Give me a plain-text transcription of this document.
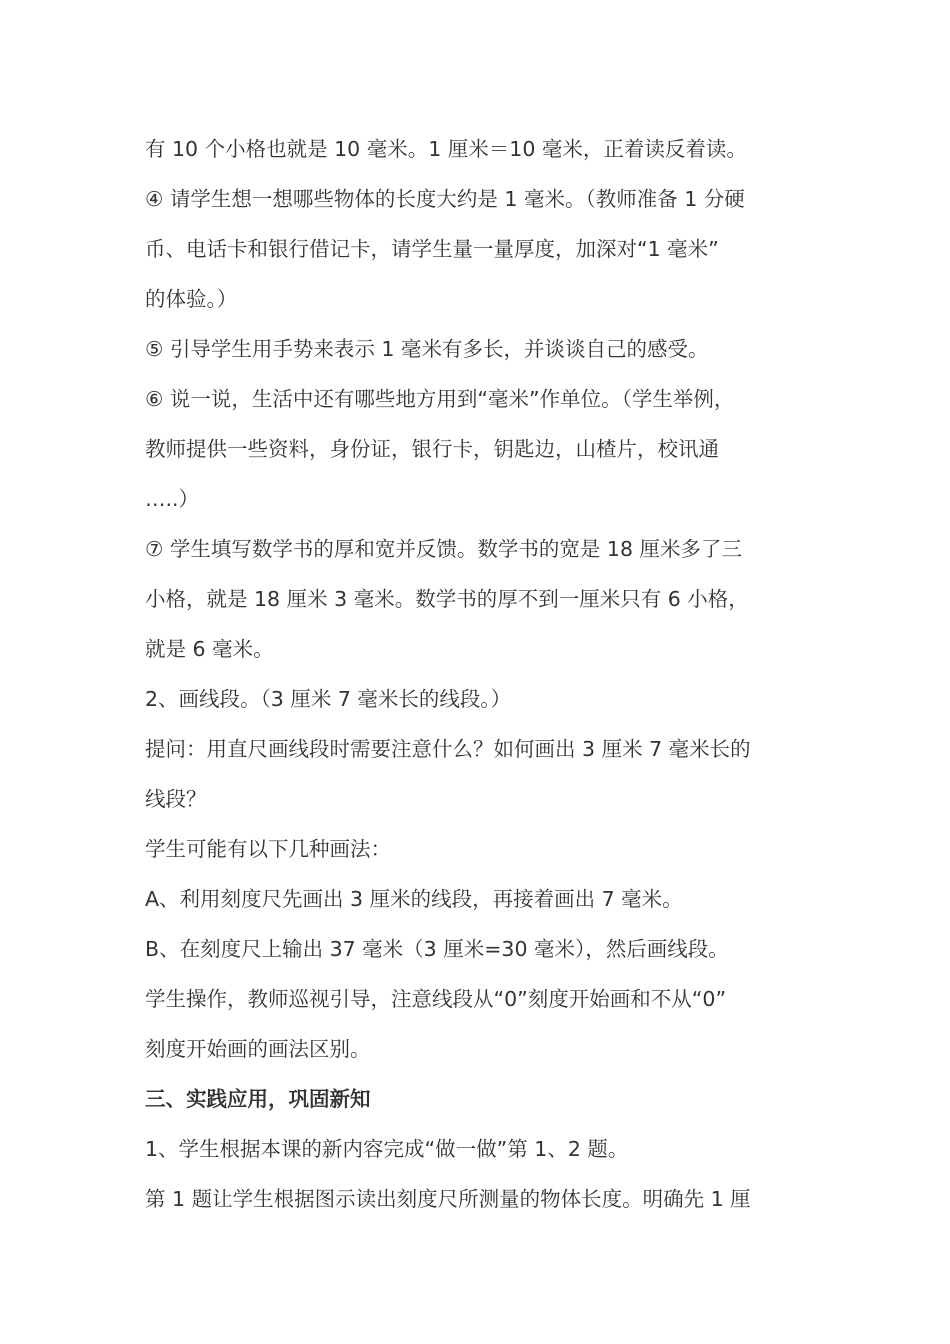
有 10 个小格也就是 10 毫米。1 厘米＝10 毫米，正着读反着读。
④ 请学生想一想哪些物体的长度大约是 1 毫米。（教师准备 1 分硬
币、电话卡和银行借记卡，请学生量一量厚度，加深对“1 毫米”
的体验。）
⑤ 引导学生用手势来表示 1 毫米有多长，并谈谈自己的感受。
⑥ 说一说，生活中还有哪些地方用到“毫米”作单位。（学生举例，
教师提供一些资料，身份证，银行卡，钥匙边，山楂片，校讯通
…..）
⑦ 学生填写数学书的厚和宽并反馈。数学书的宽是 18 厘米多了三
小格，就是 18 厘米 3 毫米。数学书的厚不到一厘米只有 6 小格，
就是 6 毫米。
2、画线段。（3 厘米 7 毫米长的线段。）
提问：用直尺画线段时需要注意什么？如何画出 3 厘米 7 毫米长的
线段？
学生可能有以下几种画法：
A、利用刻度尺先画出 3 厘米的线段，再接着画出 7 毫米。
B、在刻度尺上输出 37 毫米（3 厘米=30 毫米），然后画线段。
学生操作，教师巡视引导，注意线段从“0”刻度开始画和不从“0”
刻度开始画的画法区别。
三、实践应用，巩固新知
1、学生根据本课的新内容完成“做一做”第 1、2 题。
第 1 题让学生根据图示读出刻度尺所测量的物体长度。明确先 1 厘
